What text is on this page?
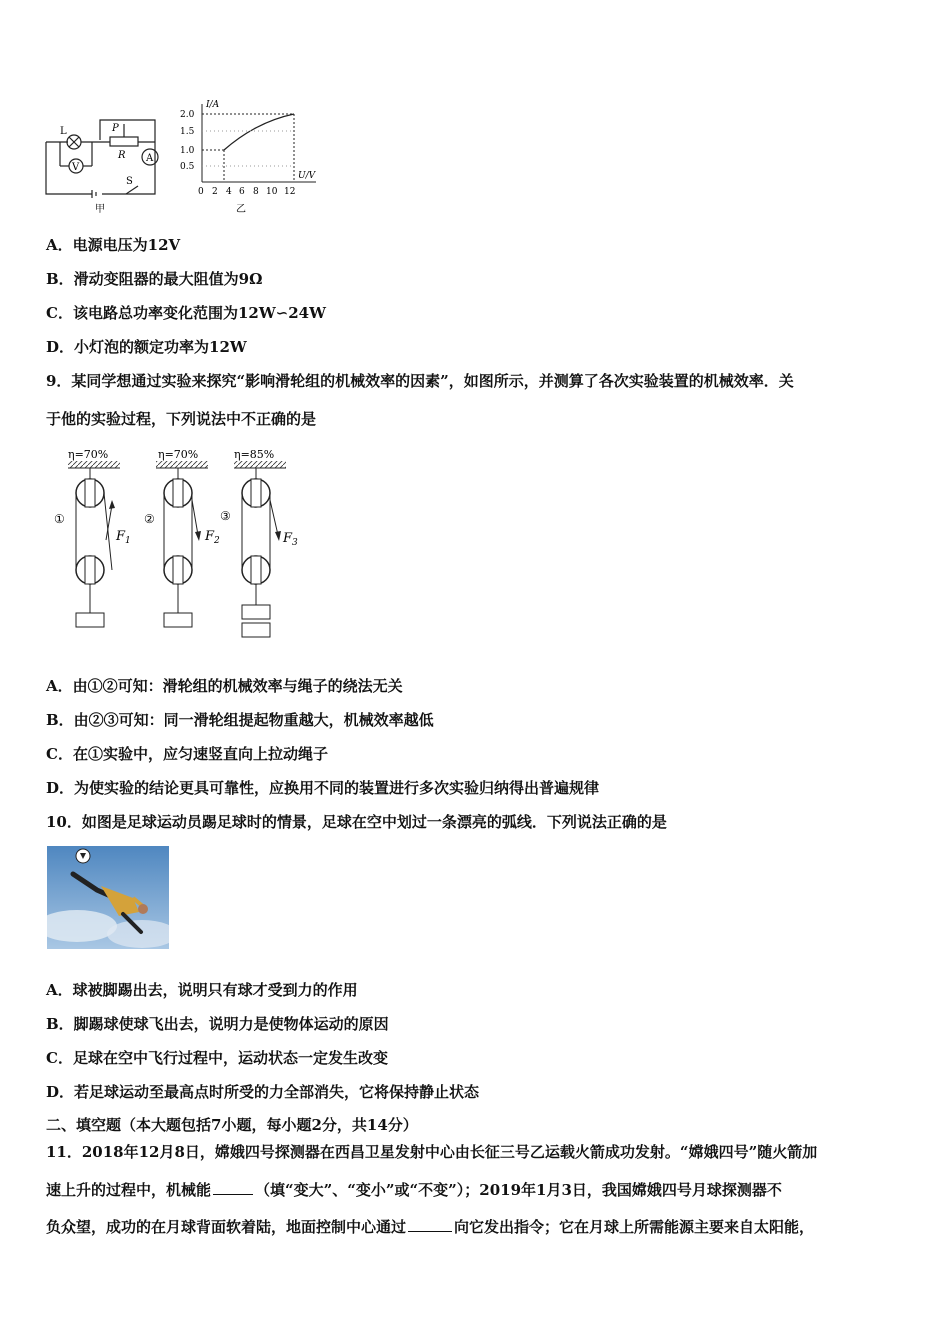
L
V
A
P
R
S
甲
I/A
U/V
2.0
1.5
1.0
0.5
0 2 4 6 8 10 12
乙
A．电源电压为12V
B．滑动变阻器的最大阻值为9Ω
C．该电路总功率变化范围为12W∽24W
D．小灯泡的额定功率为12W
9．某同学想通过实验来探究“影响滑轮组的机械效率的因素”，如图所示，并测算了各次实验装置的机械效率．关
于他的实验过程，下列说法中不正确的是
η=70%	η=70%	η=85%
①	②	③
$F_1$	$F_2$	$F_3$
A．由①②可知：滑轮组的机械效率与绳子的绕法无关
B．由②③可知：同一滑轮组提起物重越大，机械效率越低
C．在①实验中，应匀速竖直向上拉动绳子
D．为使实验的结论更具可靠性，应换用不同的装置进行多次实验归纳得出普遍规律
10．如图是足球运动员踢足球时的情景，足球在空中划过一条漂亮的弧线．下列说法正确的是
A．球被脚踢出去，说明只有球才受到力的作用
B．脚踢球使球飞出去，说明力是使物体运动的原因
C．足球在空中飞行过程中，运动状态一定发生改变
D．若足球运动至最高点时所受的力全部消失，它将保持静止状态
二、填空题（本大题包括7小题，每小题2分，共14分）
11．2018年12月8日，嫦娥四号探测器在西昌卫星发射中心由长征三号乙运载火箭成功发射。“嫦娥四号”随火箭加
速上升的过程中，机械能	（填“变大”、“变小”或“不变”）；2019年1月3日，我国嫦娥四号月球探测器不
负众望，成功的在月球背面软着陆，地面控制中心通过	向它发出指令；它在月球上所需能源主要来自太阳能，
